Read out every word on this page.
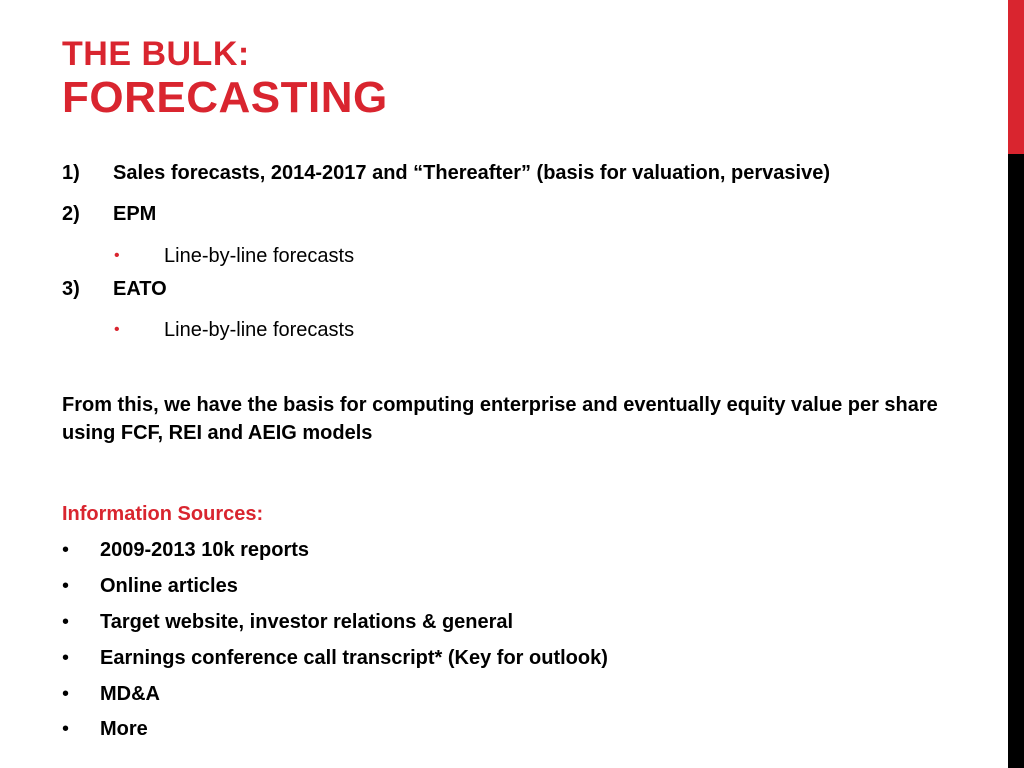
THE BULK:
FORECASTING
1) Sales forecasts, 2014-2017 and “Thereafter” (basis for valuation, pervasive)
2) EPM
• Line-by-line forecasts
3) EATO
• Line-by-line forecasts

From this, we have the basis for computing enterprise and eventually equity value per share using FCF, REI and AEIG models

Information Sources:
• 2009-2013 10k reports
• Online articles
• Target website, investor relations & general
• Earnings conference call transcript* (Key for outlook)
• MD&A
• More
